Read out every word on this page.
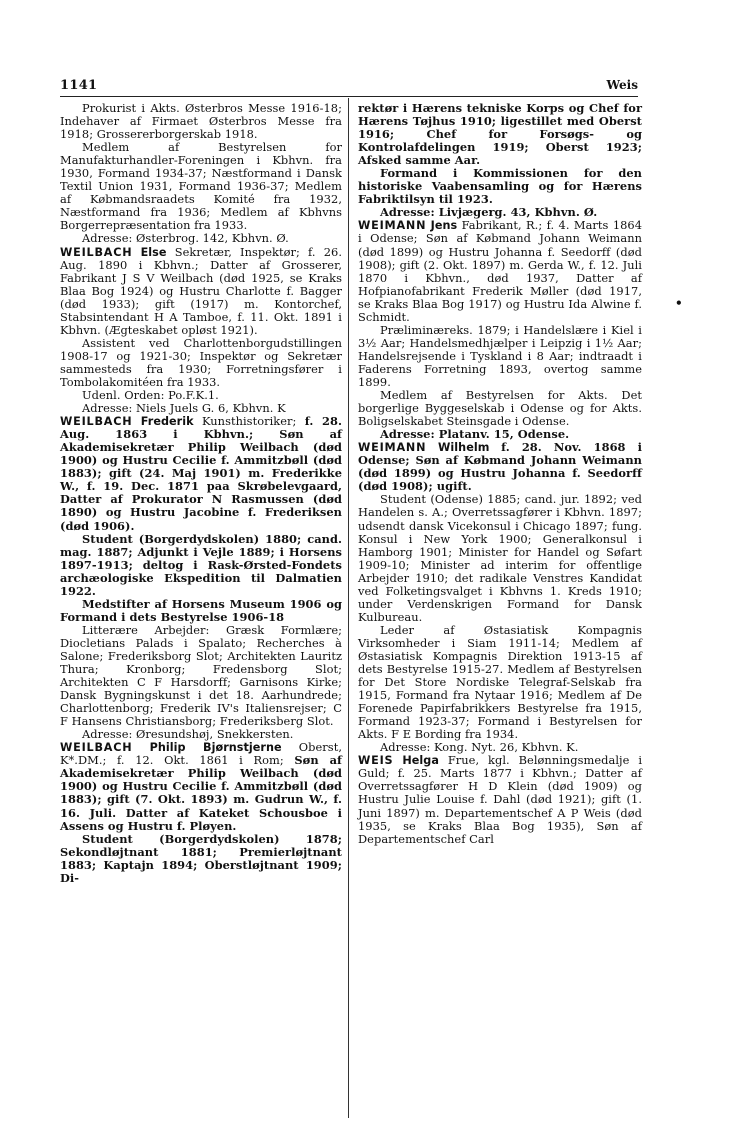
1141	Weis
•

Prokurist i Akts. Østerbros Messe 1916-18; Indehaver af Firmaet Østerbros Messe fra 1918; Grossererborgerskab 1918.

Medlem af Bestyrelsen for Manufakturhandler-Foreningen i Kbhvn. fra 1930, Formand 1934-37; Næstformand i Dansk Textil Union 1931, Formand 1936-37; Medlem af Købmandsraadets Komité fra 1932, Næstformand fra 1936; Medlem af Kbhvns Borgerrepræsentation fra 1933.

Adresse: Østerbrog. 142, Kbhvn. Ø.

WEILBACH Else Sekretær, Inspektør; f. 26. Aug. 1890 i Kbhvn.; Datter af Grosserer, Fabrikant J S V Weilbach (død 1925, se Kraks Blaa Bog 1924) og Hustru Charlotte f. Bagger (død 1933); gift (1917) m. Kontorchef, Stabsintendant H A Tamboe, f. 11. Okt. 1891 i Kbhvn. (Ægteskabet opløst 1921).

Assistent ved Charlottenborgudstillingen 1908-17 og 1921-30; Inspektør og Sekretær sammesteds fra 1930; Forretningsfører i Tombolakomitéen fra 1933.

Udenl. Orden: Po.F.K.1.

Adresse: Niels Juels G. 6, Kbhvn. K

WEILBACH Frederik Kunsthistoriker; f. 28. Aug. 1863 i Kbhvn.; Søn af Akademisekretær Philip Weilbach (død 1900) og Hustru Cecilie f. Ammitzbøll (død 1883); gift (24. Maj 1901) m. Frederikke W., f. 19. Dec. 1871 paa Skrøbelevgaard, Datter af Prokurator N Rasmussen (død 1890) og Hustru Jacobine f. Frederiksen (død 1906).

Student (Borgerdydskolen) 1880; cand. mag. 1887; Adjunkt i Vejle 1889; i Horsens 1897-1913; deltog i Rask-Ørsted-Fondets archæologiske Ekspedition til Dalmatien 1922.

Medstifter af Horsens Museum 1906 og Formand i dets Bestyrelse 1906-18

Litterære Arbejder: Græsk Formlære; Diocletians Palads i Spalato; Recherches à Salone; Frederiksborg Slot; Architekten Lauritz Thura; Kronborg; Fredensborg Slot; Architekten C F Harsdorff; Garnisons Kirke; Dansk Bygningskunst i det 18. Aarhundrede; Charlottenborg; Frederik IV's Italiensrejser; C F Hansens Christiansborg; Frederiksberg Slot.

Adresse: Øresundshøj, Snekkersten.

WEILBACH Philip Bjørnstjerne Oberst, K*.DM.; f. 12. Okt. 1861 i Rom; Søn af Akademisekretær Philip Weilbach (død 1900) og Hustru Cecilie f. Ammitzbøll (død 1883); gift (7. Okt. 1893) m. Gudrun W., f. 16. Juli. Datter af Kateket Schousboe i Assens og Hustru f. Pløyen.

Student (Borgerdydskolen) 1878; Sekondløjtnant 1881; Premierløjtnant 1883; Kaptajn 1894; Oberstløjtnant 1909; Di-

rektør i Hærens tekniske Korps og Chef for Hærens Tøjhus 1910; ligestillet med Oberst 1916; Chef for Forsøgs- og Kontrolafdelingen 1919; Oberst 1923; Afsked samme Aar.

Formand i Kommissionen for den historiske Vaabensamling og for Hærens Fabriktilsyn til 1923.

Adresse: Livjægerg. 43, Kbhvn. Ø.

WEIMANN Jens Fabrikant, R.; f. 4. Marts 1864 i Odense; Søn af Købmand Johann Weimann (død 1899) og Hustru Johanna f. Seedorff (død 1908); gift (2. Okt. 1897) m. Gerda W., f. 12. Juli 1870 i Kbhvn., død 1937, Datter af Hofpianofabrikant Frederik Møller (død 1917, se Kraks Blaa Bog 1917) og Hustru Ida Alwine f. Schmidt.

Præliminæreks. 1879; i Handelslære i Kiel i 3½ Aar; Handelsmedhjælper i Leipzig i 1½ Aar; Handelsrejsende i Tyskland i 8 Aar; indtraadt i Faderens Forretning 1893, overtog samme 1899.

Medlem af Bestyrelsen for Akts. Det borgerlige Byggeselskab i Odense og for Akts. Boligselskabet Steinsgade i Odense.

Adresse: Platanv. 15, Odense.

WEIMANN Wilhelm f. 28. Nov. 1868 i Odense; Søn af Købmand Johann Weimann (død 1899) og Hustru Johanna f. Seedorff (død 1908); ugift.

Student (Odense) 1885; cand. jur. 1892; ved Handelen s. A.; Overretssagfører i Kbhvn. 1897; udsendt dansk Vicekonsul i Chicago 1897; fung. Konsul i New York 1900; Generalkonsul i Hamborg 1901; Minister for Handel og Søfart 1909-10; Minister ad interim for offentlige Arbejder 1910; det radikale Venstres Kandidat ved Folketingsvalget i Kbhvns 1. Kreds 1910; under Verdenskrigen Formand for Dansk Kulbureau.

Leder af Østasiatisk Kompagnis Virksomheder i Siam 1911-14; Medlem af Østasiatisk Kompagnis Direktion 1913-15 af dets Bestyrelse 1915-27. Medlem af Bestyrelsen for Det Store Nordiske Telegraf-Selskab fra 1915, Formand fra Nytaar 1916; Medlem af De Forenede Papirfabrikkers Bestyrelse fra 1915, Formand 1923-37; Formand i Bestyrelsen for Akts. F E Bording fra 1934.

Adresse: Kong. Nyt. 26, Kbhvn. K.

WEIS Helga Frue, kgl. Belønningsmedalje i Guld; f. 25. Marts 1877 i Kbhvn.; Datter af Overretssagfører H D Klein (død 1909) og Hustru Julie Louise f. Dahl (død 1921); gift (1. Juni 1897) m. Departementschef A P Weis (død 1935, se Kraks Blaa Bog 1935), Søn af Departementschef Carl
